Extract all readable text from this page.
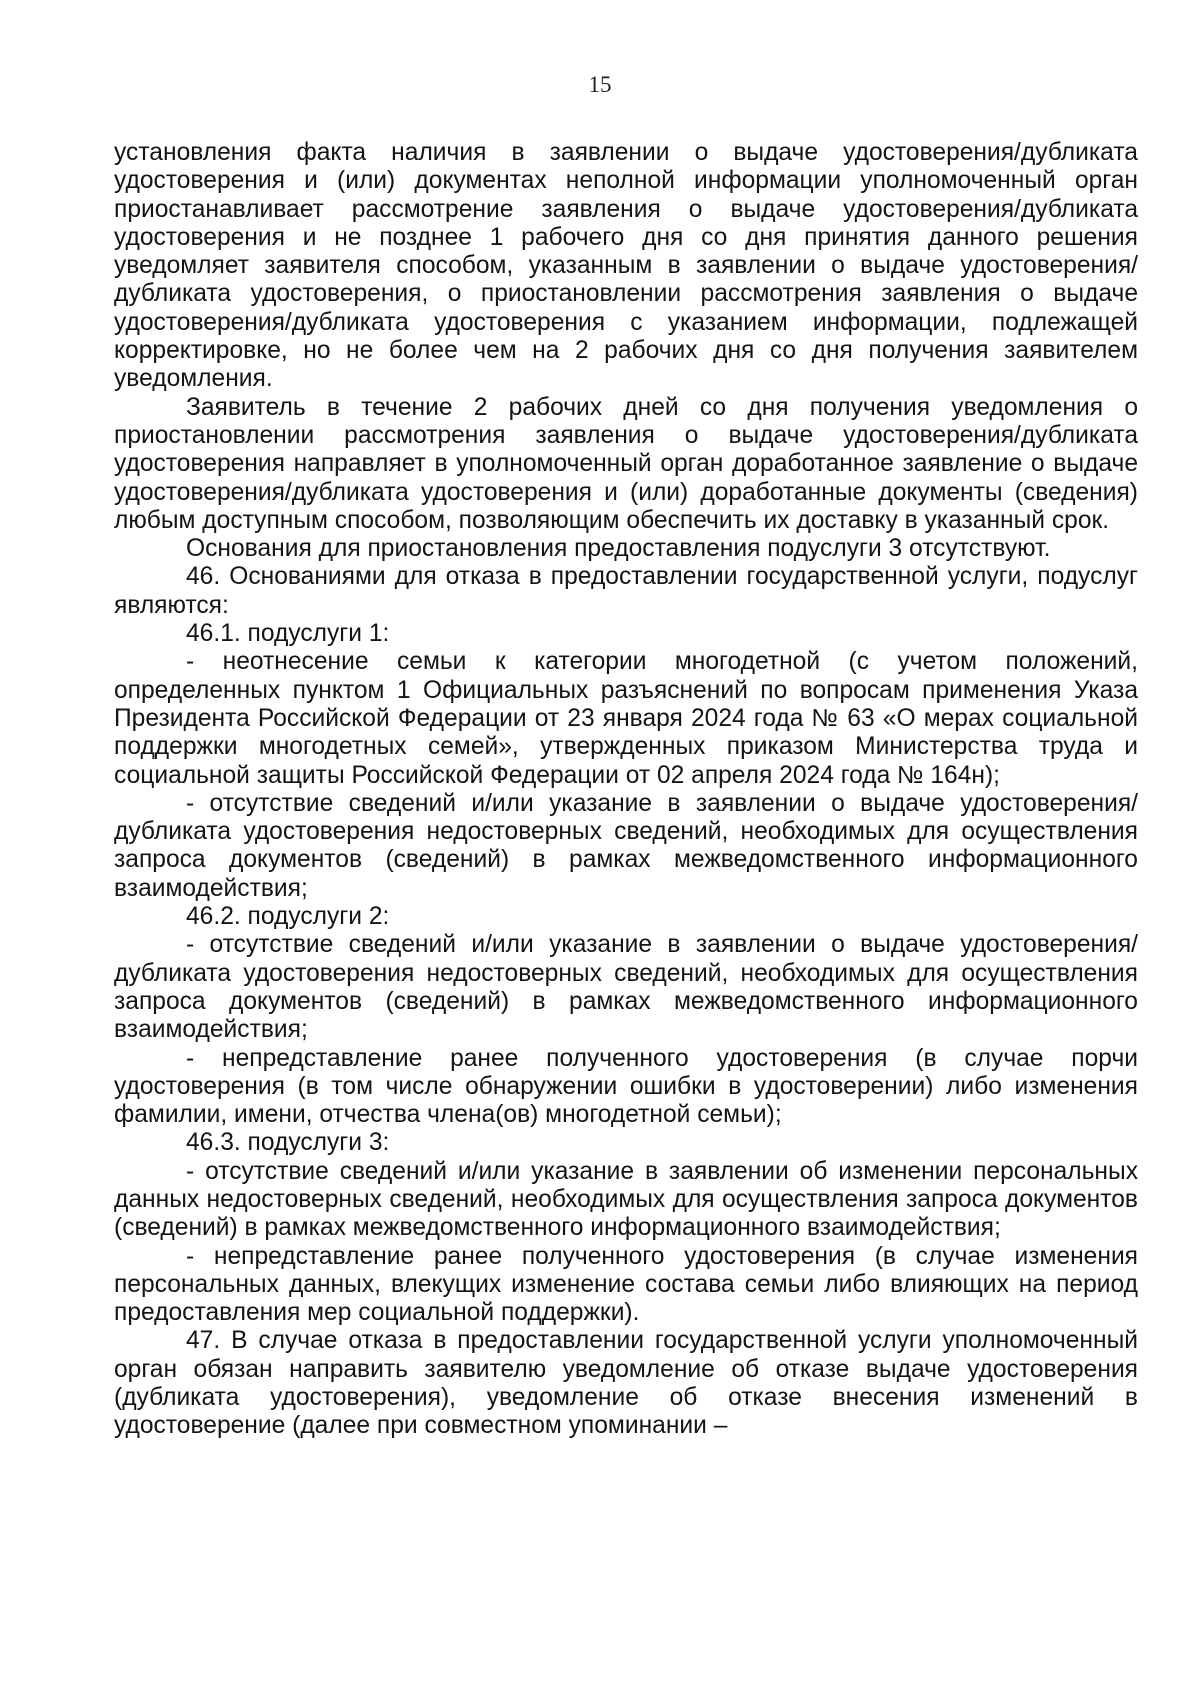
15

установления факта наличия в заявлении о выдаче удостоверения/дубликата удостоверения и (или) документах неполной информации уполномоченный орган приостанавливает рассмотрение заявления о выдаче удостоверения/дубликата удостоверения и не позднее 1 рабочего дня со дня принятия данного решения уведомляет заявителя способом, указанным в заявлении о выдаче удостоверения/дубликата удостоверения, о приостановлении рассмотрения заявления о выдаче удостоверения/дубликата удостоверения с указанием информации, подлежащей корректировке, но не более чем на 2 рабочих дня со дня получения заявителем уведомления.

Заявитель в течение 2 рабочих дней со дня получения уведомления о приостановлении рассмотрения заявления о выдаче удостоверения/дубликата удостоверения направляет в уполномоченный орган доработанное заявление о выдаче удостоверения/дубликата удостоверения и (или) доработанные документы (сведения) любым доступным способом, позволяющим обеспечить их доставку в указанный срок.

Основания для приостановления предоставления подуслуги 3 отсутствуют.

46. Основаниями для отказа в предоставлении государственной услуги, подуслуг являются:

46.1. подуслуги 1:

- неотнесение семьи к категории многодетной (с учетом положений, определенных пунктом 1 Официальных разъяснений по вопросам применения Указа Президента Российской Федерации от 23 января 2024 года № 63 «О мерах социальной поддержки многодетных семей», утвержденных приказом Министерства труда и социальной защиты Российской Федерации от 02 апреля 2024 года № 164н);

- отсутствие сведений и/или указание в заявлении о выдаче удостоверения/дубликата удостоверения недостоверных сведений, необходимых для осуществления запроса документов (сведений) в рамках межведомственного информационного взаимодействия;

46.2. подуслуги 2:

- отсутствие сведений и/или указание в заявлении о выдаче удостоверения/дубликата удостоверения недостоверных сведений, необходимых для осуществления запроса документов (сведений) в рамках межведомственного информационного взаимодействия;

- непредставление ранее полученного удостоверения (в случае порчи удостоверения (в том числе обнаружении ошибки в удостоверении) либо изменения фамилии, имени, отчества члена(ов) многодетной семьи);

46.3. подуслуги 3:

- отсутствие сведений и/или указание в заявлении об изменении персональных данных недостоверных сведений, необходимых для осуществления запроса документов (сведений) в рамках межведомственного информационного взаимодействия;

- непредставление ранее полученного удостоверения (в случае изменения персональных данных, влекущих изменение состава семьи либо влияющих на период предоставления мер социальной поддержки).

47. В случае отказа в предоставлении государственной услуги уполномоченный орган обязан направить заявителю уведомление об отказе выдаче удостоверения (дубликата удостоверения), уведомление об отказе внесения изменений в удостоверение (далее при совместном упоминании –
